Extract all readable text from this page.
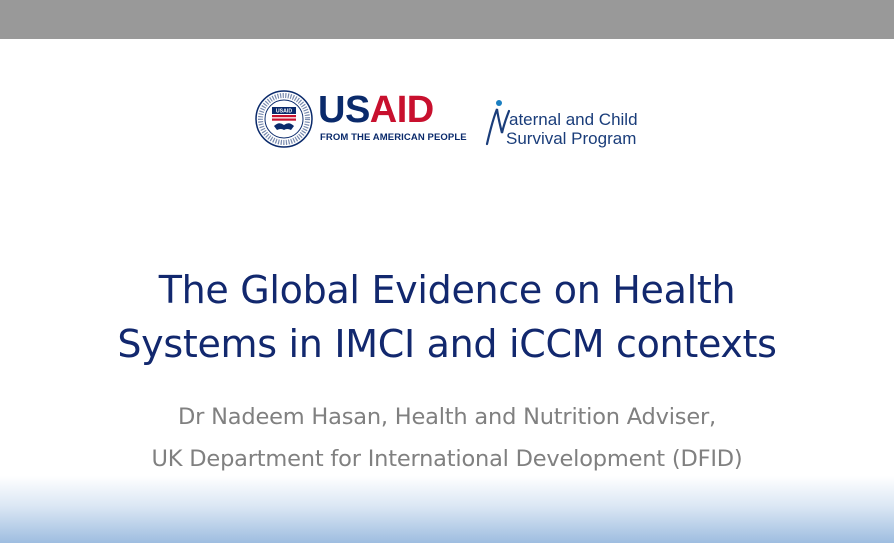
USAID USAID
FROM THE AMERICAN PEOPLE
aternal and Child
Survival Program
The Global Evidence on Health
Systems in IMCI and iCCM contexts
Dr Nadeem Hasan, Health and Nutrition Adviser,
UK Department for International Development (DFID)
